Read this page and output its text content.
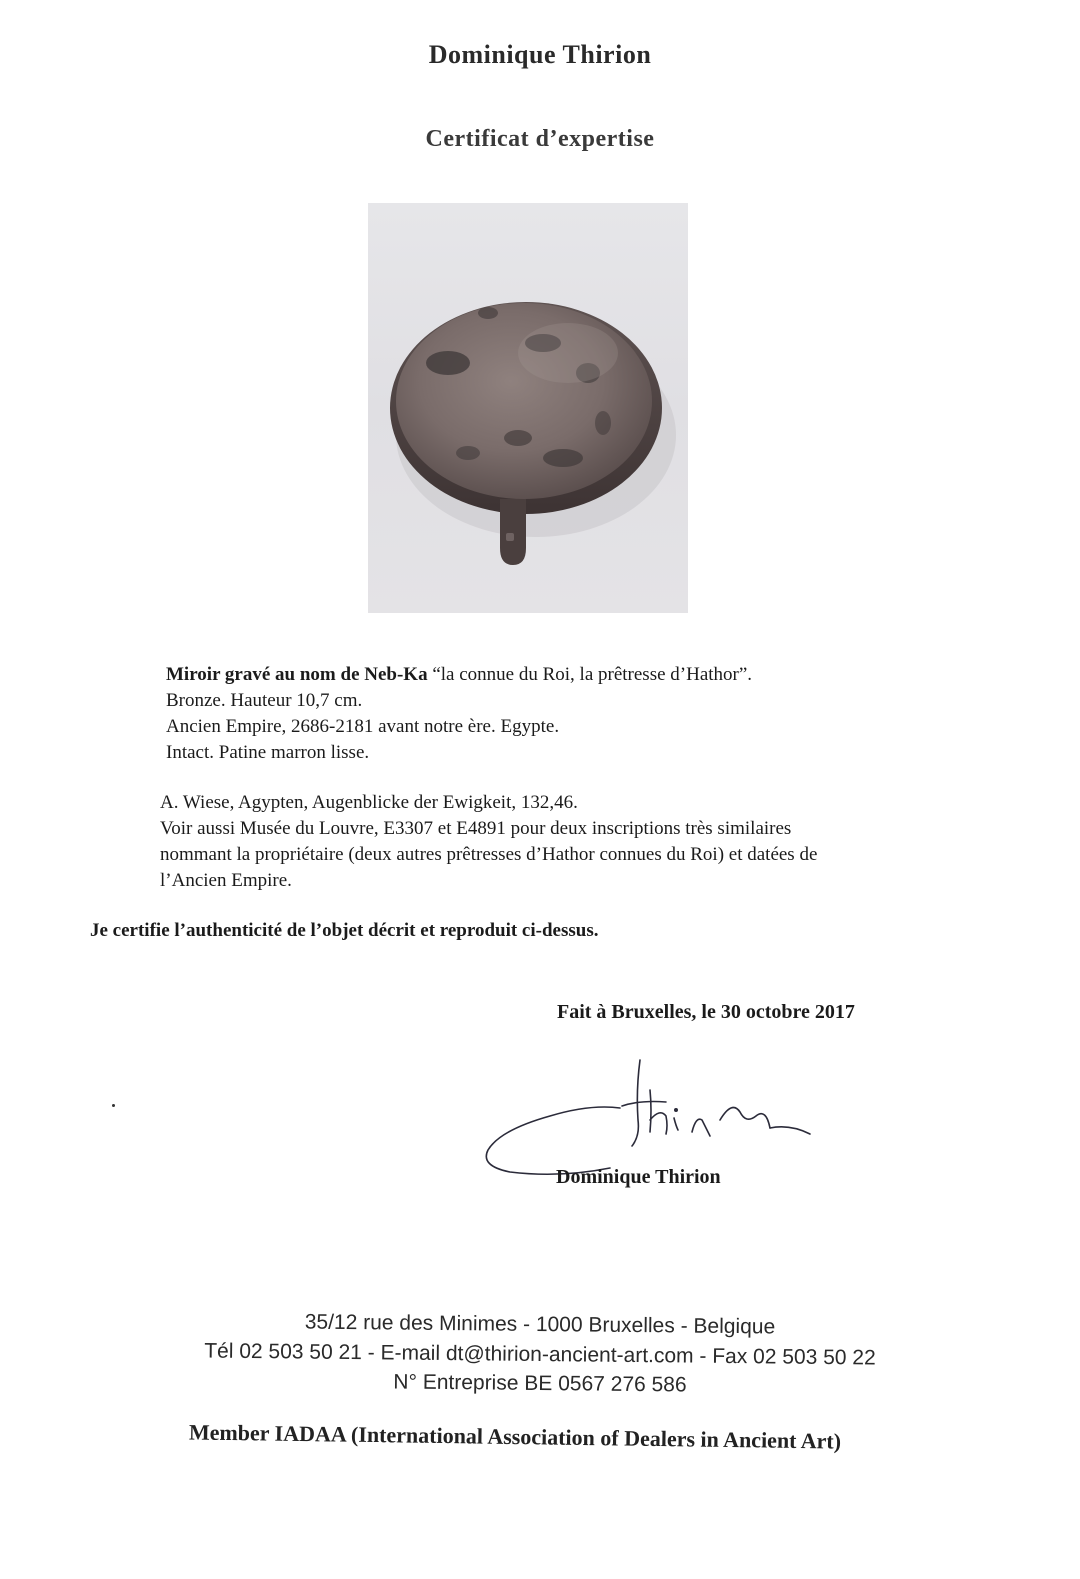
Dominique Thirion
Certificat d’expertise
Miroir gravé au nom de Neb-Ka “la connue du Roi, la prêtresse d’Hathor”.
Bronze. Hauteur 10,7 cm.
Ancien Empire, 2686-2181 avant notre ère. Egypte.
Intact. Patine marron lisse.
A. Wiese, Agypten, Augenblicke der Ewigkeit, 132,46.
Voir aussi Musée du Louvre, E3307 et E4891 pour deux inscriptions très similaires
nommant la propriétaire (deux autres prêtresses d’Hathor connues du Roi) et datées de
l’Ancien Empire.
Je certifie l’authenticité de l’objet décrit et reproduit ci-dessus.
Fait à Bruxelles, le 30 octobre 2017
Dominique Thirion
35/12 rue des Minimes - 1000 Bruxelles - Belgique
Tél 02 503 50 21 - E-mail dt@thirion-ancient-art.com - Fax 02 503 50 22
N° Entreprise BE 0567 276 586
Member IADAA (International Association of Dealers in Ancient Art)
